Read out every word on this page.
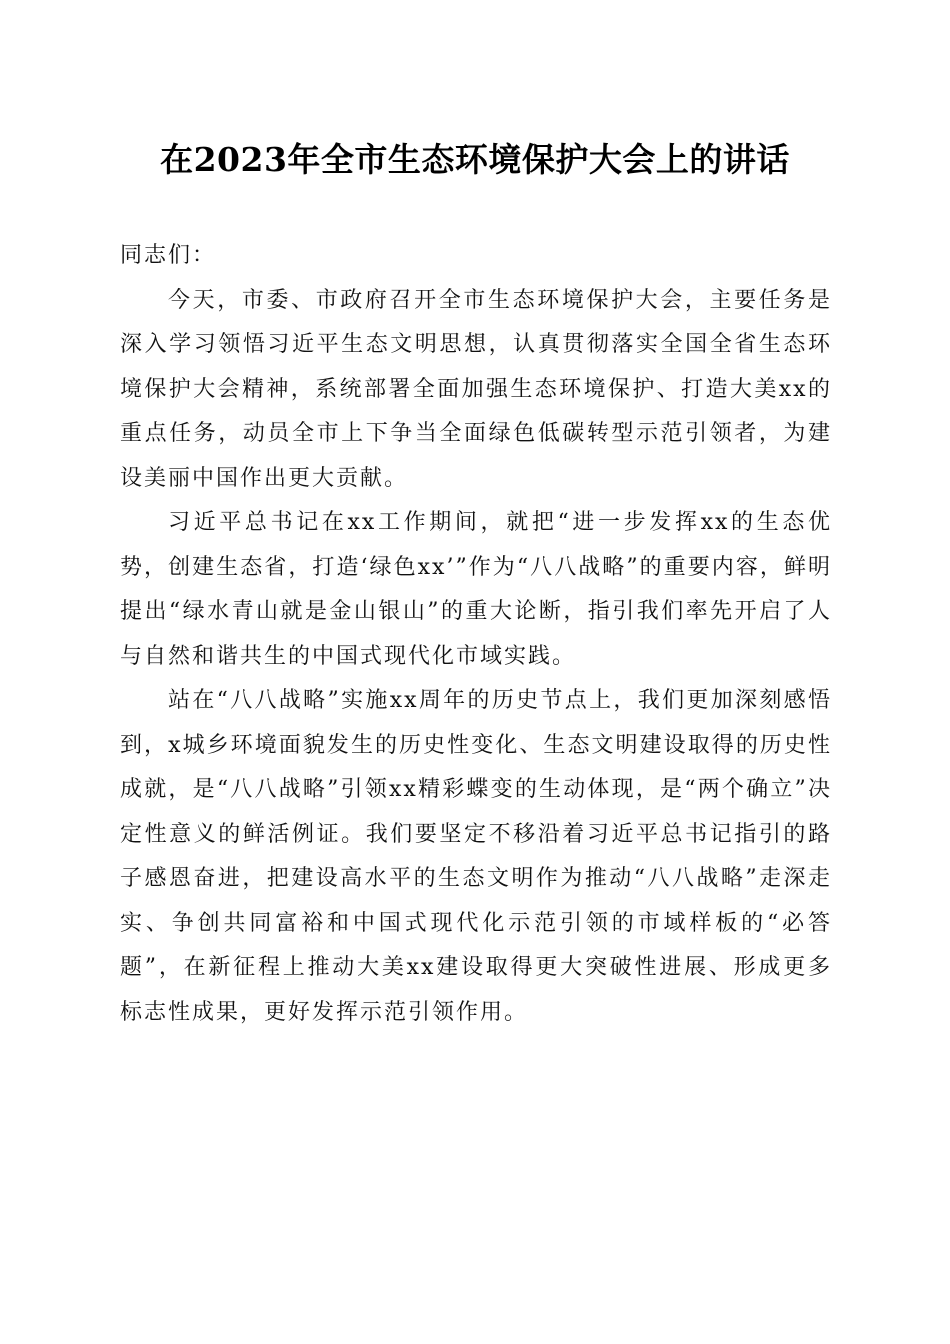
在2023年全市生态环境保护大会上的讲话

同志们：

今天，市委、市政府召开全市生态环境保护大会，主要任务是深入学习领悟习近平生态文明思想，认真贯彻落实全国全省生态环境保护大会精神，系统部署全面加强生态环境保护、打造大美xx的重点任务，动员全市上下争当全面绿色低碳转型示范引领者，为建设美丽中国作出更大贡献。

习近平总书记在xx工作期间，就把“进一步发挥xx的生态优势，创建生态省，打造‘绿色xx’”作为“八八战略”的重要内容，鲜明提出“绿水青山就是金山银山”的重大论断，指引我们率先开启了人与自然和谐共生的中国式现代化市域实践。

站在“八八战略”实施xx周年的历史节点上，我们更加深刻感悟到，x城乡环境面貌发生的历史性变化、生态文明建设取得的历史性成就，是“八八战略”引领xx精彩蝶变的生动体现，是“两个确立”决定性意义的鲜活例证。我们要坚定不移沿着习近平总书记指引的路子感恩奋进，把建设高水平的生态文明作为推动“八八战略”走深走实、争创共同富裕和中国式现代化示范引领的市域样板的“必答题”，在新征程上推动大美xx建设取得更大突破性进展、形成更多标志性成果，更好发挥示范引领作用。
